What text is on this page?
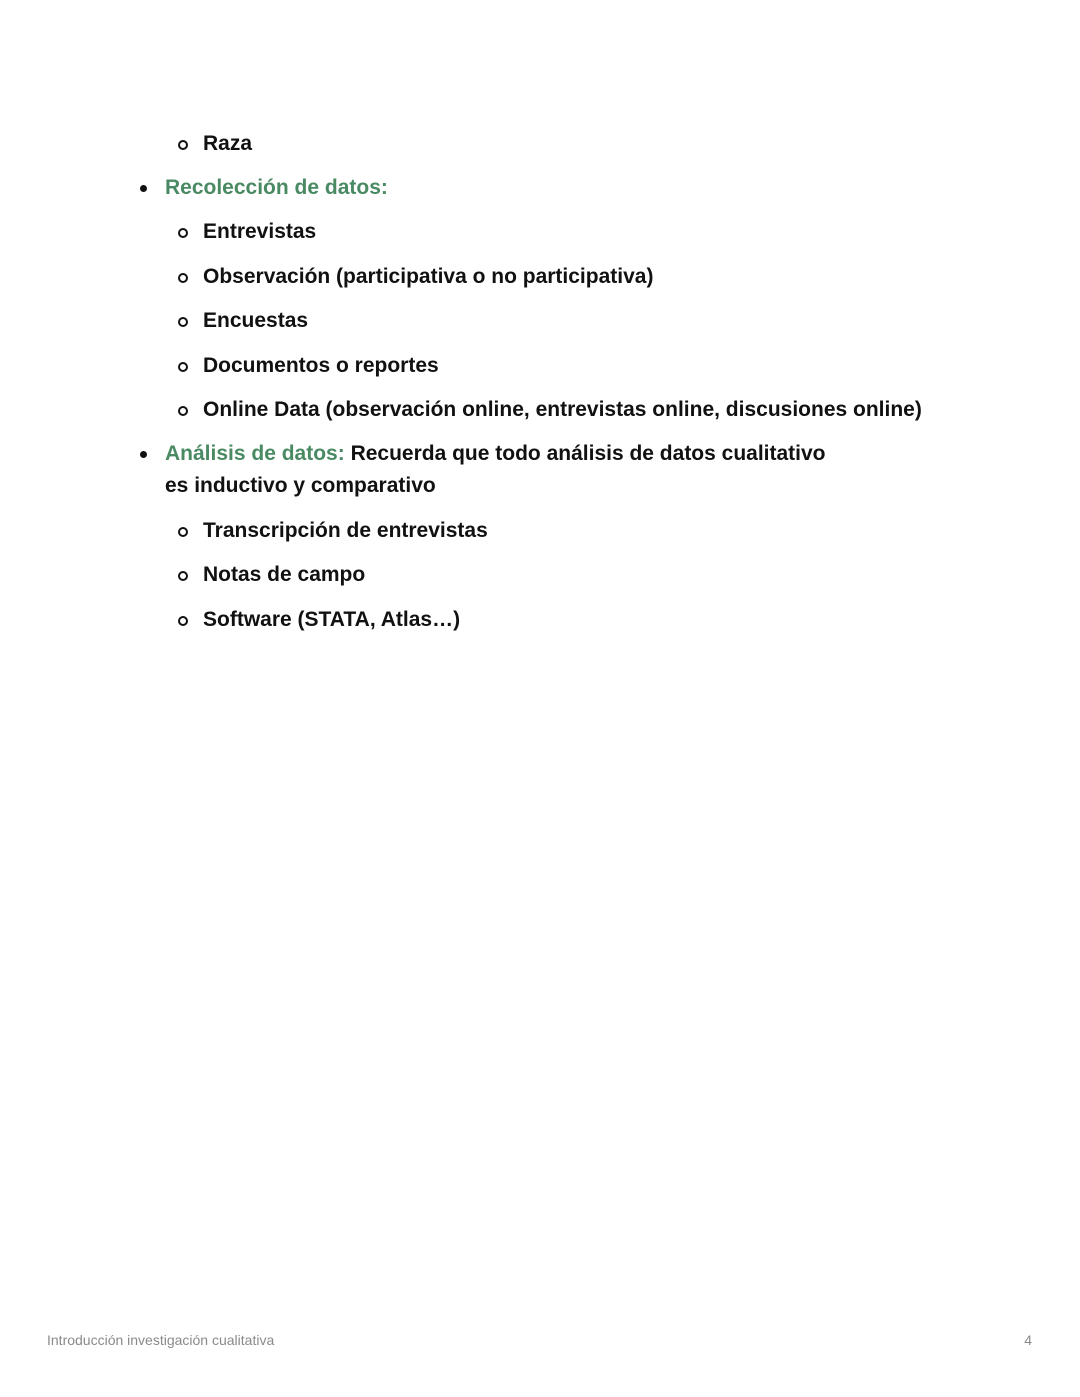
Raza
Recolección de datos:
Entrevistas
Observación (participativa o no participativa)
Encuestas
Documentos o reportes
Online Data (observación online, entrevistas online, discusiones online)
Análisis de datos: Recuerda que todo análisis de datos cualitativo
es inductivo y comparativo
Transcripción de entrevistas
Notas de campo
Software (STATA, Atlas…)
Introducción investigación cualitativa	4
